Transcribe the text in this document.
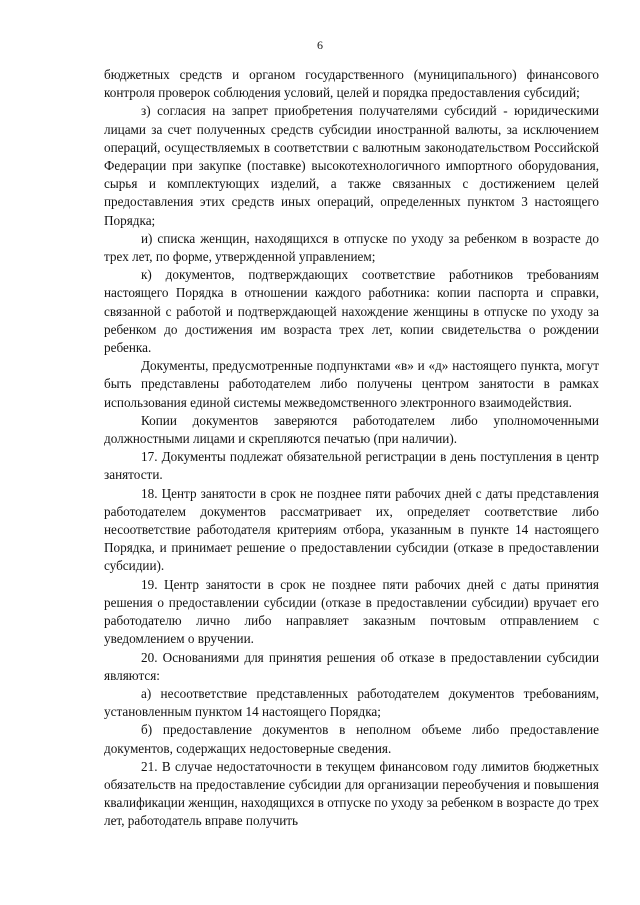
6

бюджетных средств и органом государственного (муниципального) финансового контроля проверок соблюдения условий, целей и порядка предоставления субсидий;

з) согласия на запрет приобретения получателями субсидий - юридическими лицами за счет полученных средств субсидии иностранной валюты, за исключением операций, осуществляемых в соответствии с валютным законодательством Российской Федерации при закупке (поставке) высокотехнологичного импортного оборудования, сырья и комплектующих изделий, а также связанных с достижением целей предоставления этих средств иных операций, определенных пунктом 3 настоящего Порядка;

и) списка женщин, находящихся в отпуске по уходу за ребенком в возрасте до трех лет, по форме, утвержденной управлением;

к) документов, подтверждающих соответствие работников требованиям настоящего Порядка в отношении каждого работника: копии паспорта и справки, связанной с работой и подтверждающей нахождение женщины в отпуске по уходу за ребенком до достижения им возраста трех лет, копии свидетельства о рождении ребенка.

Документы, предусмотренные подпунктами «в» и «д» настоящего пункта, могут быть представлены работодателем либо получены центром занятости в рамках использования единой системы межведомственного электронного взаимодействия.

Копии документов заверяются работодателем либо уполномоченными должностными лицами и скрепляются печатью (при наличии).

17. Документы подлежат обязательной регистрации в день поступления в центр занятости.

18. Центр занятости в срок не позднее пяти рабочих дней с даты представления работодателем документов рассматривает их, определяет соответствие либо несоответствие работодателя критериям отбора, указанным в пункте 14 настоящего Порядка, и принимает решение о предоставлении субсидии (отказе в предоставлении субсидии).

19. Центр занятости в срок не позднее пяти рабочих дней с даты принятия решения о предоставлении субсидии (отказе в предоставлении субсидии) вручает его работодателю лично либо направляет заказным почтовым отправлением с уведомлением о вручении.

20. Основаниями для принятия решения об отказе в предоставлении субсидии являются:

а) несоответствие представленных работодателем документов требованиям, установленным пунктом 14 настоящего Порядка;

б) предоставление документов в неполном объеме либо предоставление документов, содержащих недостоверные сведения.

21. В случае недостаточности в текущем финансовом году лимитов бюджетных обязательств на предоставление субсидии для организации переобучения и повышения квалификации женщин, находящихся в отпуске по уходу за ребенком в возрасте до трех лет, работодатель вправе получить
